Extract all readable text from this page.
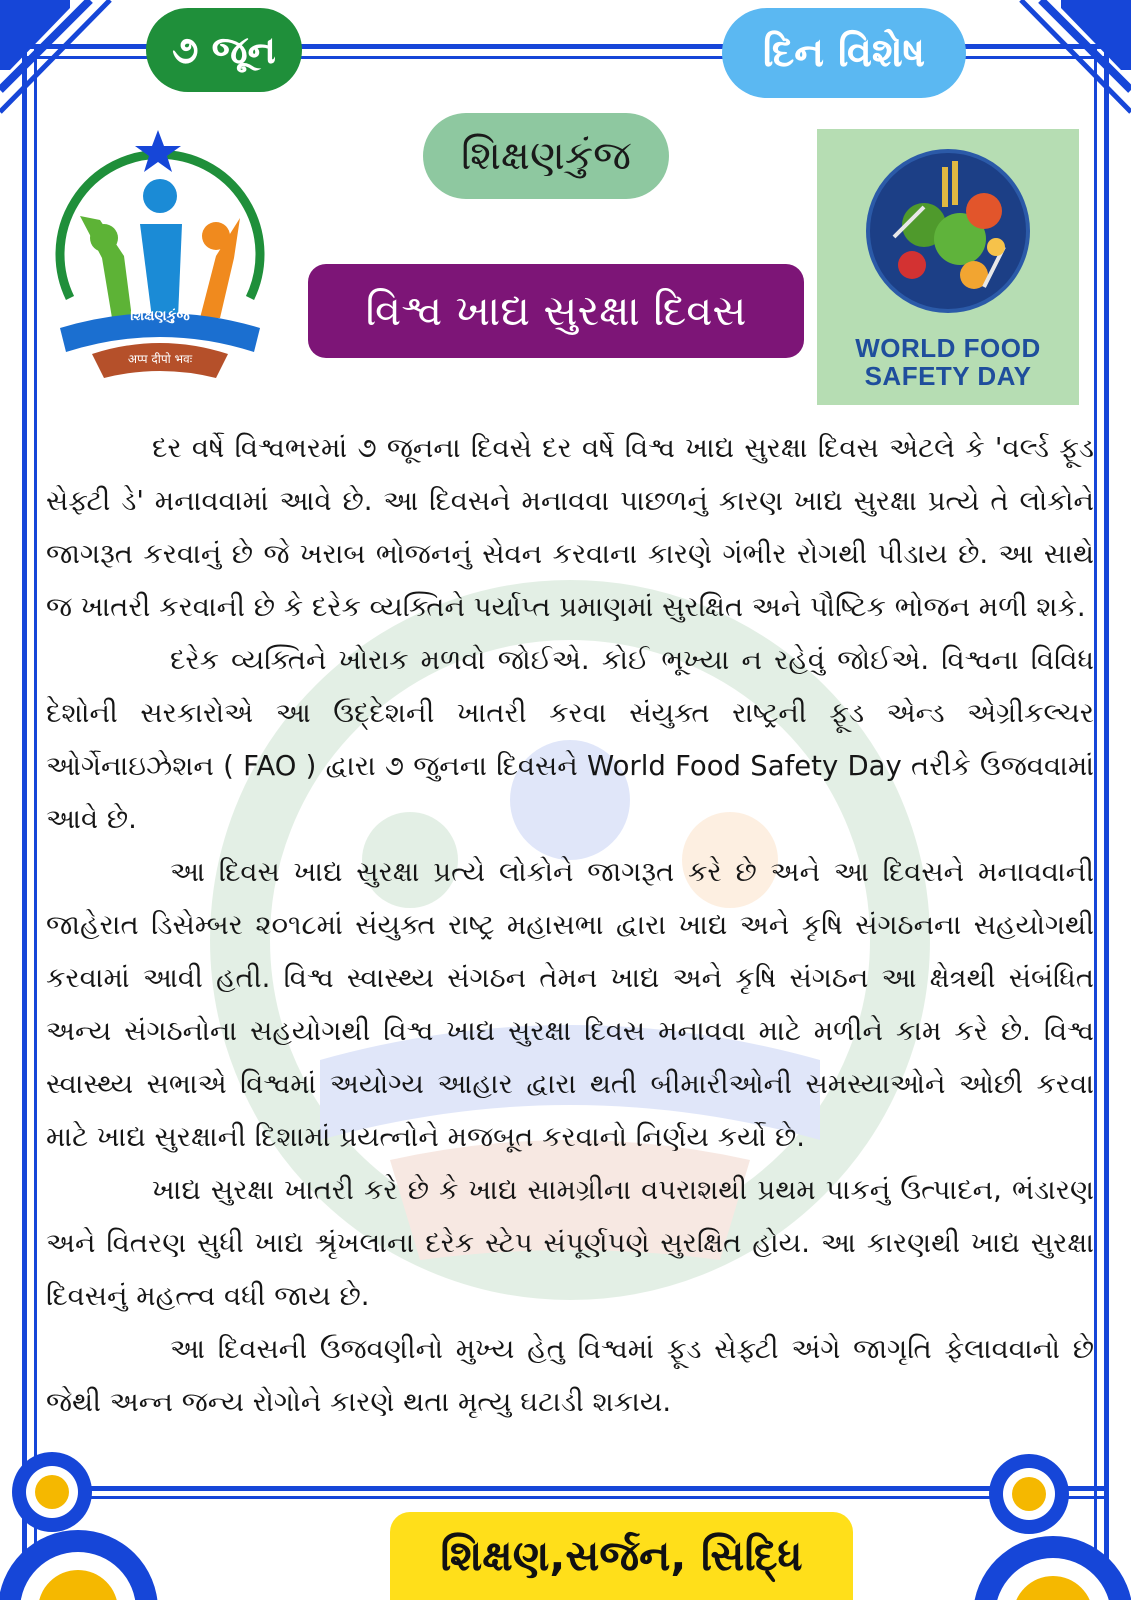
૭ જૂન	દિન વિશેષ
શિક્ષણકુંજ
વિશ્વ ખાદ્ય સુરક્ષા દિવસ
શિક્ષણકુંજ
अप्प दीपो भवः	WORLD FOOD
SAFETY DAY

દર વર્ષે વિશ્વભરમાં ૭ જૂનના દિવસે દર વર્ષે વિશ્વ ખાદ્ય સુરક્ષા દિવસ એટલે કે 'વર્લ્ડ ફૂડ સેફ્ટી ડે' મનાવવામાં આવે છે. આ દિવસને મનાવવા પાછળનું કારણ ખાદ્ય સુરક્ષા પ્રત્યે તે લોકોને જાગરૂત કરવાનું છે જે ખરાબ ભોજનનું સેવન કરવાના કારણે ગંભીર રોગથી પીડાય છે. આ સાથે જ ખાતરી કરવાની છે કે દરેક વ્યક્તિને પર્યાપ્ત પ્રમાણમાં સુરક્ષિત અને પૌષ્ટિક ભોજન મળી શકે.

દરેક વ્યક્તિને ખોરાક મળવો જોઈએ. કોઈ ભૂખ્યા ન રહેવું જોઈએ. વિશ્વના વિવિધ દેશોની સરકારોએ આ ઉદ્દેશની ખાતરી કરવા સંયુક્ત રાષ્ટ્રની ફૂડ એન્ડ એગ્રીકલ્ચર ઓર્ગેનાઇઝેશન ( FAO ) દ્વારા ૭ જુનના દિવસને World Food Safety Day તરીકે ઉજવવામાં આવે છે.

આ દિવસ ખાદ્ય સુરક્ષા પ્રત્યે લોકોને જાગરૂત કરે છે અને આ દિવસને મનાવવાની જાહેરાત ડિસેમ્બર ૨૦૧૮માં સંયુક્ત રાષ્ટ્ર મહાસભા દ્વારા ખાદ્ય અને કૃષિ સંગઠનના સહયોગથી કરવામાં આવી હતી. વિશ્વ સ્વાસ્થ્ય સંગઠન તેમન ખાદ્ય અને કૃષિ સંગઠન આ ક્ષેત્રથી સંબંધિત અન્ય સંગઠનોના સહયોગથી વિશ્વ ખાદ્ય સુરક્ષા દિવસ મનાવવા માટે મળીને કામ કરે છે. વિશ્વ સ્વાસ્થ્ય સભાએ વિશ્વમાં અયોગ્ય આહાર દ્વારા થતી બીમારીઓની સમસ્યાઓને ઓછી કરવા માટે ખાદ્ય સુરક્ષાની દિશામાં પ્રયત્નોને મજબૂત કરવાનો નિર્ણય કર્યો છે.

ખાદ્ય સુરક્ષા ખાતરી કરે છે કે ખાદ્ય સામગ્રીના વપરાશથી પ્રથમ પાકનું ઉત્પાદન, ભંડારણ અને વિતરણ સુધી ખાદ્ય શ્રૃંખલાના દરેક સ્ટેપ સંપૂર્ણપણે સુરક્ષિત હોય. આ કારણથી ખાદ્ય સુરક્ષા દિવસનું મહત્ત્વ વધી જાય છે.

આ દિવસની ઉજવણીનો મુખ્ય હેતુ વિશ્વમાં ફૂડ સેફ્ટી અંગે જાગૃતિ ફેલાવવાનો છે જેથી અન્ન જન્ય રોગોને કારણે થતા મૃત્યુ ઘટાડી શકાય.

શિક્ષણ,સર્જન, સિદ્ધિ
